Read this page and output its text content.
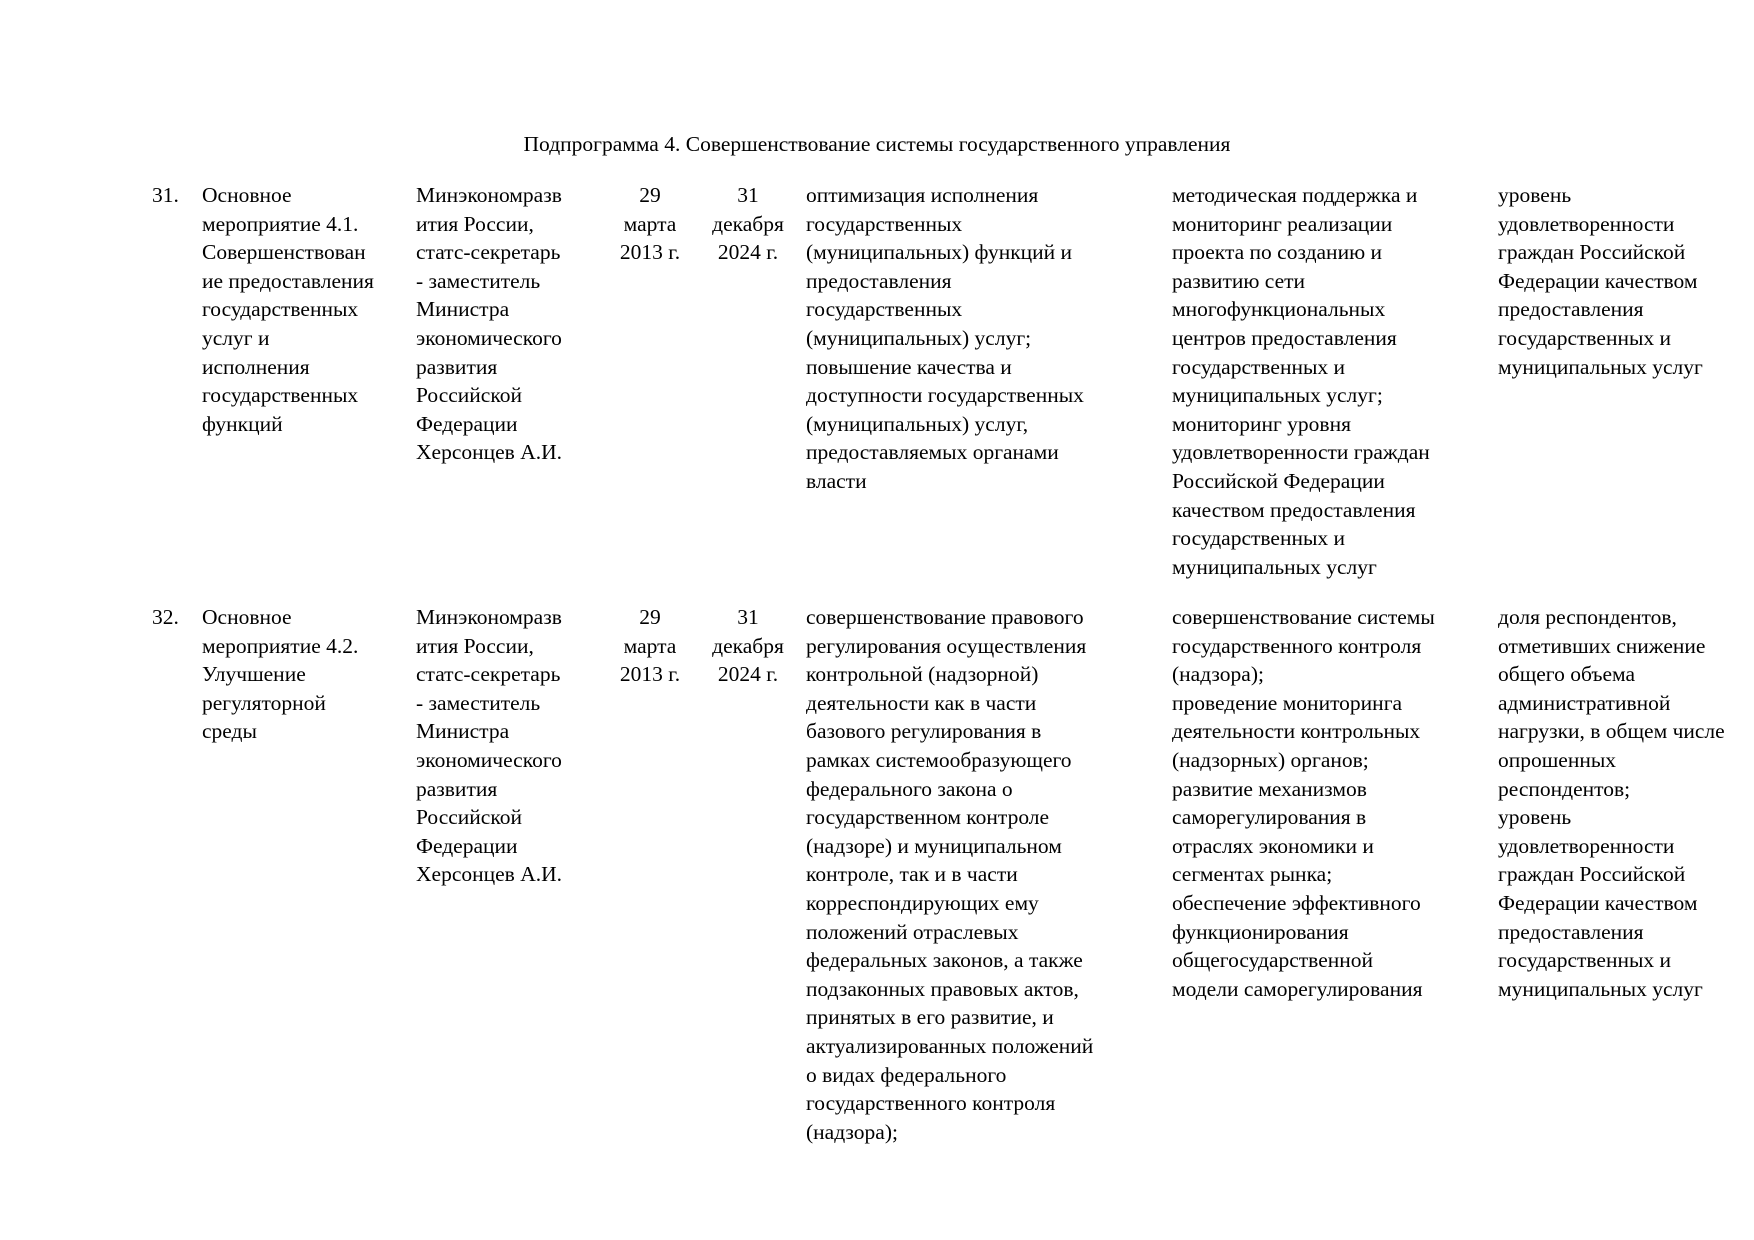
Подпрограмма 4. Совершенствование системы государственного управления
31.	Основное
мероприятие 4.1.
Совершенствован
ие предоставления
государственных
услуг и
исполнения
государственных
функций
Минэкономразв
ития России,
статс-секретарь
- заместитель
Министра
экономического
развития
Российской
Федерации
Херсонцев А.И.
29
марта
2013 г.
31
декабря
2024 г.
оптимизация исполнения
государственных
(муниципальных) функций и
предоставления
государственных
(муниципальных) услуг;
повышение качества и
доступности государственных
(муниципальных) услуг,
предоставляемых органами
власти
методическая поддержка и
мониторинг реализации
проекта по созданию и
развитию сети
многофункциональных
центров предоставления
государственных и
муниципальных услуг;
мониторинг уровня
удовлетворенности граждан
Российской Федерации
качеством предоставления
государственных и
муниципальных услуг
уровень
удовлетворенности
граждан Российской
Федерации качеством
предоставления
государственных и
муниципальных услуг
32.	Основное
мероприятие 4.2.
Улучшение
регуляторной
среды
Минэкономразв
ития России,
статс-секретарь
- заместитель
Министра
экономического
развития
Российской
Федерации
Херсонцев А.И.
29
марта
2013 г.
31
декабря
2024 г.
совершенствование правового
регулирования осуществления
контрольной (надзорной)
деятельности как в части
базового регулирования в
рамках системообразующего
федерального закона о
государственном контроле
(надзоре) и муниципальном
контроле, так и в части
корреспондирующих ему
положений отраслевых
федеральных законов, а также
подзаконных правовых актов,
принятых в его развитие, и
актуализированных положений
о видах федерального
государственного контроля
(надзора);
совершенствование системы
государственного контроля
(надзора);
проведение мониторинга
деятельности контрольных
(надзорных) органов;
развитие механизмов
саморегулирования в
отраслях экономики и
сегментах рынка;
обеспечение эффективного
функционирования
общегосударственной
модели саморегулирования
доля респондентов,
отметивших снижение
общего объема
административной
нагрузки, в общем числе
опрошенных
респондентов;
уровень
удовлетворенности
граждан Российской
Федерации качеством
предоставления
государственных и
муниципальных услуг
